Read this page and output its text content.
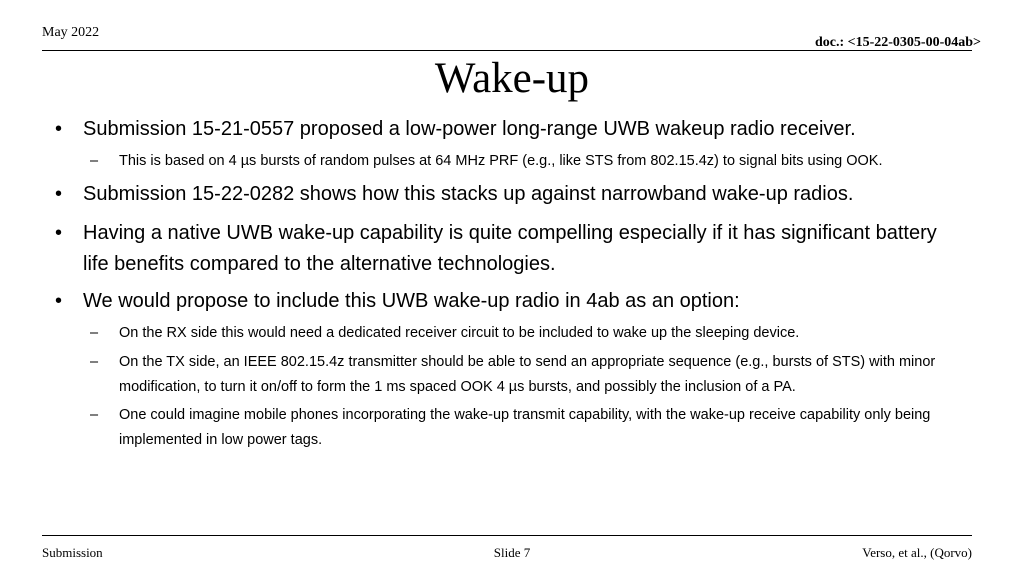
May 2022
doc.: <15-22-0305-00-04ab>
Wake-up
• Submission 15-21-0557 proposed a low-power long-range UWB wakeup radio receiver.
– This is based on 4 µs bursts of random pulses at 64 MHz PRF (e.g., like STS from 802.15.4z) to signal bits using OOK.
• Submission 15-22-0282 shows how this stacks up against narrowband wake-up radios.
• Having a native UWB wake-up capability is quite compelling especially if it has significant battery life benefits compared to the alternative technologies.
• We would propose to include this UWB wake-up radio in 4ab as an option:
– On the RX side this would need a dedicated receiver circuit to be included to wake up the sleeping device.
– On the TX side, an IEEE 802.15.4z transmitter should be able to send an appropriate sequence (e.g., bursts of STS) with minor modification, to turn it on/off to form the 1 ms spaced OOK 4 µs bursts, and possibly the inclusion of a PA.
– One could imagine mobile phones incorporating the wake-up transmit capability, with the wake-up receive capability only being implemented in low power tags.
Submission	Slide 7	Verso, et al., (Qorvo)
